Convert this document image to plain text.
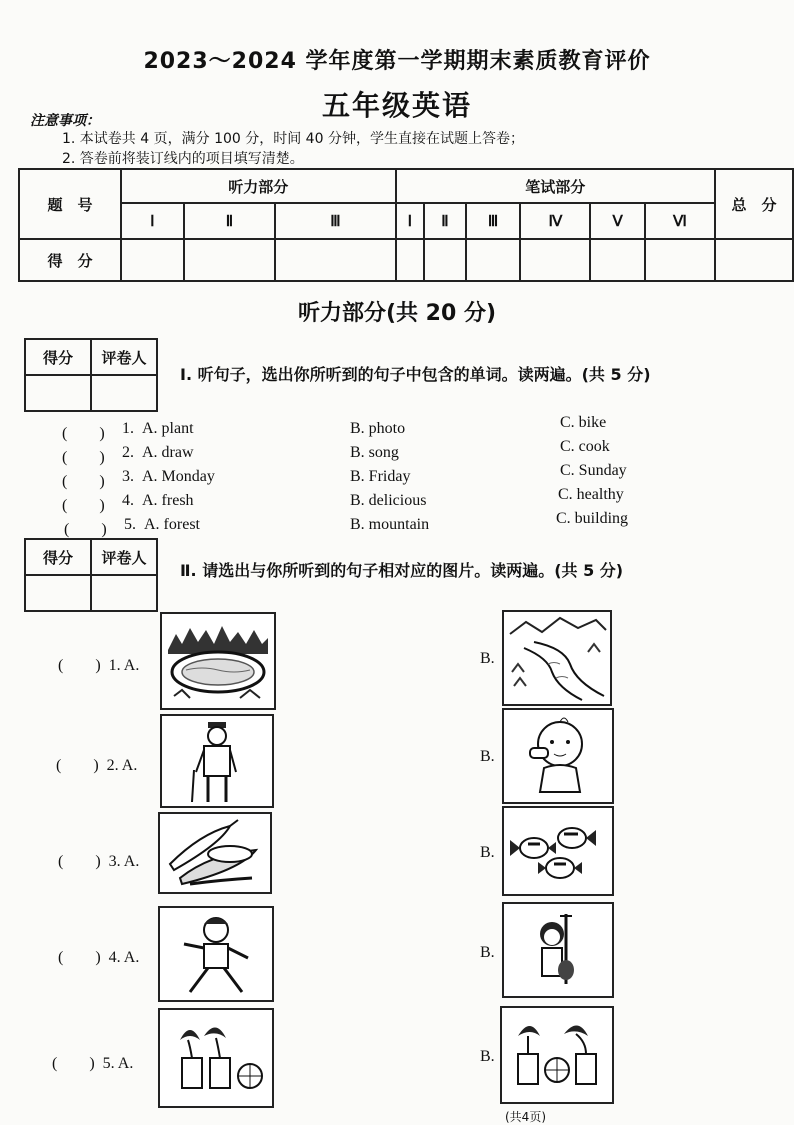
2023～2024 学年度第一学期期末素质教育评价
五年级英语
注意事项：
1. 本试卷共 4 页，满分 100 分，时间 40 分钟，学生直接在试题上答卷；
2. 答卷前将装订线内的项目填写清楚。
题　号	听力部分			笔试部分						总　分
	Ⅰ	Ⅱ	Ⅲ	Ⅰ	Ⅱ	Ⅲ	Ⅳ	Ⅴ	Ⅵ	
得　分										
听力部分(共 20 分)
得分	评卷人

Ⅰ. 听句子，选出你所听到的句子中包含的单词。读两遍。(共 5 分)
(　　) 1. A. plant	B. photo	C. bike
(　　) 2. A. draw	B. song	C. cook
(　　) 3. A. Monday	B. Friday	C. Sunday
(　　) 4. A. fresh	B. delicious	C. healthy
(　　) 5. A. forest	B. mountain	C. building
得分	评卷人

Ⅱ. 请选出与你所听到的句子相对应的图片。读两遍。(共 5 分)
(　　) 1. A.	B.
(　　) 2. A.
B.
(　　) 3. A.
B.
(　　) 4. A.	B.
(　　) 5. A.	B.
(共4页)
